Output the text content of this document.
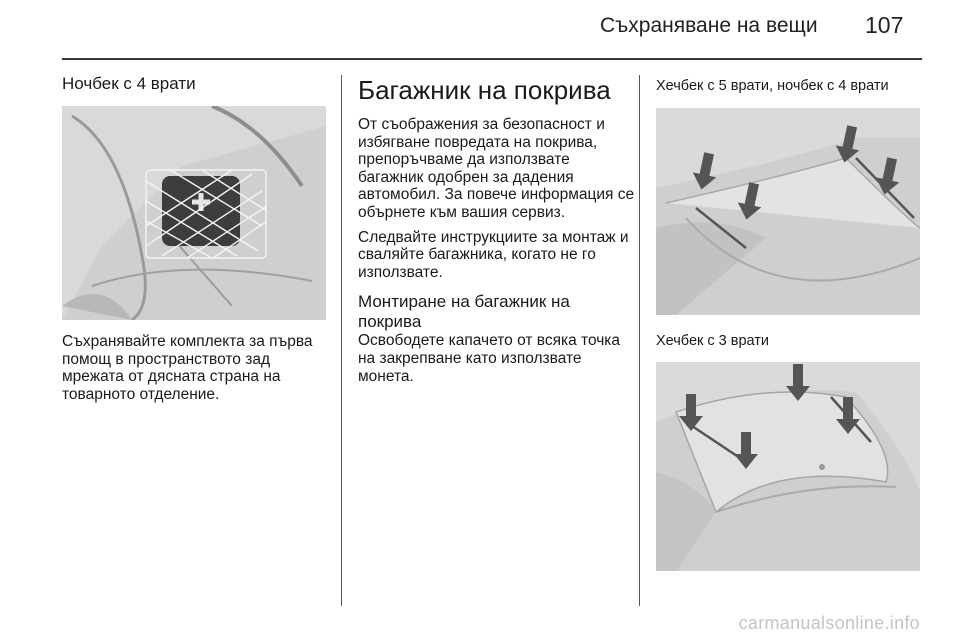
Съхраняване на вещи 107
Ночбек с 4 врати

Съхранявайте комплекта за първа помощ в пространството зад мрежата от дясната страна на товарното отделение.

Багажник на покрива

От съображения за безопасност и избягване повредата на покрива, препоръчваме да използвате багажник одобрен за дадения автомобил. За повече информация се обърнете към вашия сервиз.

Следвайте инструкциите за монтаж и сваляйте багажника, когато не го използвате.

Монтиране на багажник на покрива

Освободете капачето от всяка точка на закрепване като използвате монета.

Хечбек с 5 врати, ночбек с 4 врати
Хечбек с 3 врати
carmanualsonline.info
